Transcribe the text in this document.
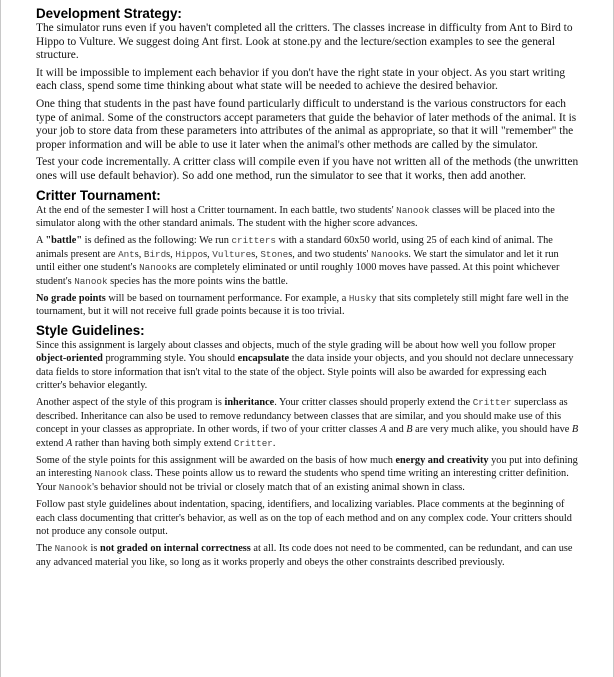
Development Strategy:

The simulator runs even if you haven't completed all the critters. The classes increase in difficulty from Ant to Bird to Hippo to Vulture. We suggest doing Ant first. Look at stone.py and the lecture/section examples to see the general structure.

It will be impossible to implement each behavior if you don't have the right state in your object. As you start writing each class, spend some time thinking about what state will be needed to achieve the desired behavior.

One thing that students in the past have found particularly difficult to understand is the various constructors for each type of animal. Some of the constructors accept parameters that guide the behavior of later methods of the animal. It is your job to store data from these parameters into attributes of the animal as appropriate, so that it will "remember" the proper information and will be able to use it later when the animal's other methods are called by the simulator.

Test your code incrementally. A critter class will compile even if you have not written all of the methods (the unwritten ones will use default behavior). So add one method, run the simulator to see that it works, then add another.

Critter Tournament:

At the end of the semester I will host a Critter tournament. In each battle, two students' Nanook classes will be placed into the simulator along with the other standard animals. The student with the higher score advances.

A "battle" is defined as the following: We run critters with a standard 60x50 world, using 25 of each kind of animal. The animals present are Ants, Birds, Hippos, Vultures, Stones, and two students' Nanooks. We start the simulator and let it run until either one student's Nanooks are completely eliminated or until roughly 1000 moves have passed. At this point whichever student's Nanook species has the more points wins the battle.

No grade points will be based on tournament performance. For example, a Husky that sits completely still might fare well in the tournament, but it will not receive full grade points because it is too trivial.

Style Guidelines:

Since this assignment is largely about classes and objects, much of the style grading will be about how well you follow proper object-oriented programming style. You should encapsulate the data inside your objects, and you should not declare unnecessary data fields to store information that isn't vital to the state of the object. Style points will also be awarded for expressing each critter's behavior elegantly.

Another aspect of the style of this program is inheritance. Your critter classes should properly extend the Critter superclass as described. Inheritance can also be used to remove redundancy between classes that are similar, and you should make use of this concept in your classes as appropriate. In other words, if two of your critter classes A and B are very much alike, you should have B extend A rather than having both simply extend Critter.

Some of the style points for this assignment will be awarded on the basis of how much energy and creativity you put into defining an interesting Nanook class. These points allow us to reward the students who spend time writing an interesting critter definition. Your Nanook's behavior should not be trivial or closely match that of an existing animal shown in class.

Follow past style guidelines about indentation, spacing, identifiers, and localizing variables. Place comments at the beginning of each class documenting that critter's behavior, as well as on the top of each method and on any complex code. Your critters should not produce any console output.

The Nanook is not graded on internal correctness at all. Its code does not need to be commented, can be redundant, and can use any advanced material you like, so long as it works properly and obeys the other constraints described previously.
